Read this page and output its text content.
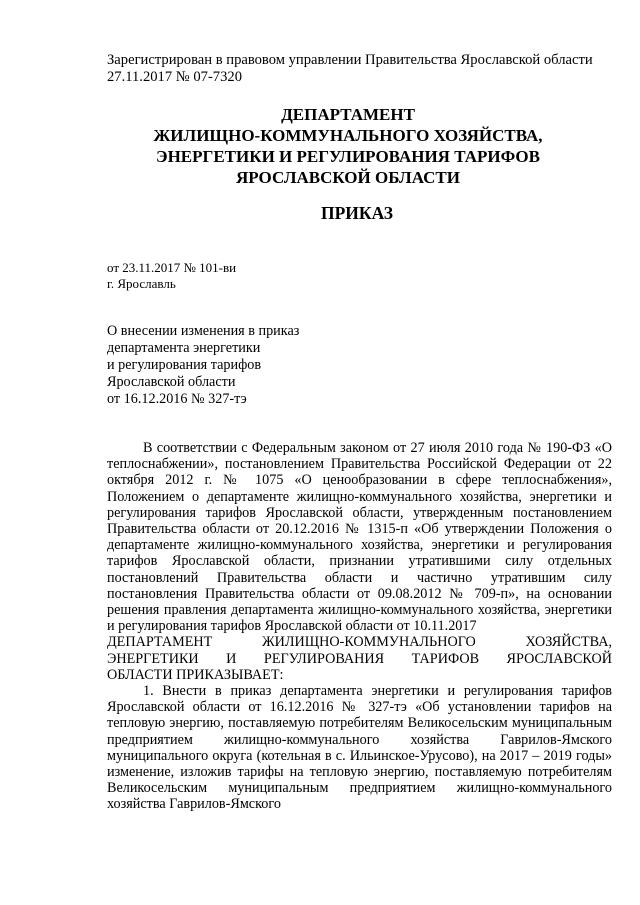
Зарегистрирован в правовом управлении Правительства Ярославской области
27.11.2017 № 07-7320
ДЕПАРТАМЕНТ
ЖИЛИЩНО-КОММУНАЛЬНОГО ХОЗЯЙСТВА,
ЭНЕРГЕТИКИ И РЕГУЛИРОВАНИЯ ТАРИФОВ
ЯРОСЛАВСКОЙ ОБЛАСТИ
ПРИКАЗ
от 23.11.2017 № 101-ви
г. Ярославль
О внесении изменения в приказ
департамента энергетики
и регулирования тарифов
Ярославской области
от 16.12.2016 № 327-тэ

В соответствии с Федеральным законом от 27 июля 2010 года № 190-ФЗ «О теплоснабжении», постановлением Правительства Российской Федерации от 22 октября 2012 г. № 1075 «О ценообразовании в сфере теплоснабжения», Положением о департаменте жилищно-коммунального хозяйства, энергетики и регулирования тарифов Ярославской области, утвержденным постановлением Правительства области от 20.12.2016 № 1315-п «Об утверждении Положения о департаменте жилищно-коммунального хозяйства, энергетики и регулирования тарифов Ярославской области, признании утратившими силу отдельных постановлений Правительства области и частично утратившим силу постановления Правительства области от 09.08.2012 № 709-п», на основании решения правления департамента жилищно-коммунального хозяйства, энергетики и регулирования тарифов Ярославской области от 10.11.2017

ДЕПАРТАМЕНТ ЖИЛИЩНО-КОММУНАЛЬНОГО ХОЗЯЙСТВА,
ЭНЕРГЕТИКИ И РЕГУЛИРОВАНИЯ ТАРИФОВ ЯРОСЛАВСКОЙ

ОБЛАСТИ ПРИКАЗЫВАЕТ:

1. Внести в приказ департамента энергетики и регулирования тарифов Ярославской области от 16.12.2016 № 327-тэ «Об установлении тарифов на тепловую энергию, поставляемую потребителям Великосельским муниципальным предприятием жилищно-коммунального хозяйства Гаврилов-Ямского муниципального округа (котельная в с. Ильинское-Урусово), на 2017 – 2019 годы» изменение, изложив тарифы на тепловую энергию, поставляемую потребителям Великосельским муниципальным предприятием жилищно-коммунального хозяйства Гаврилов-Ямского
